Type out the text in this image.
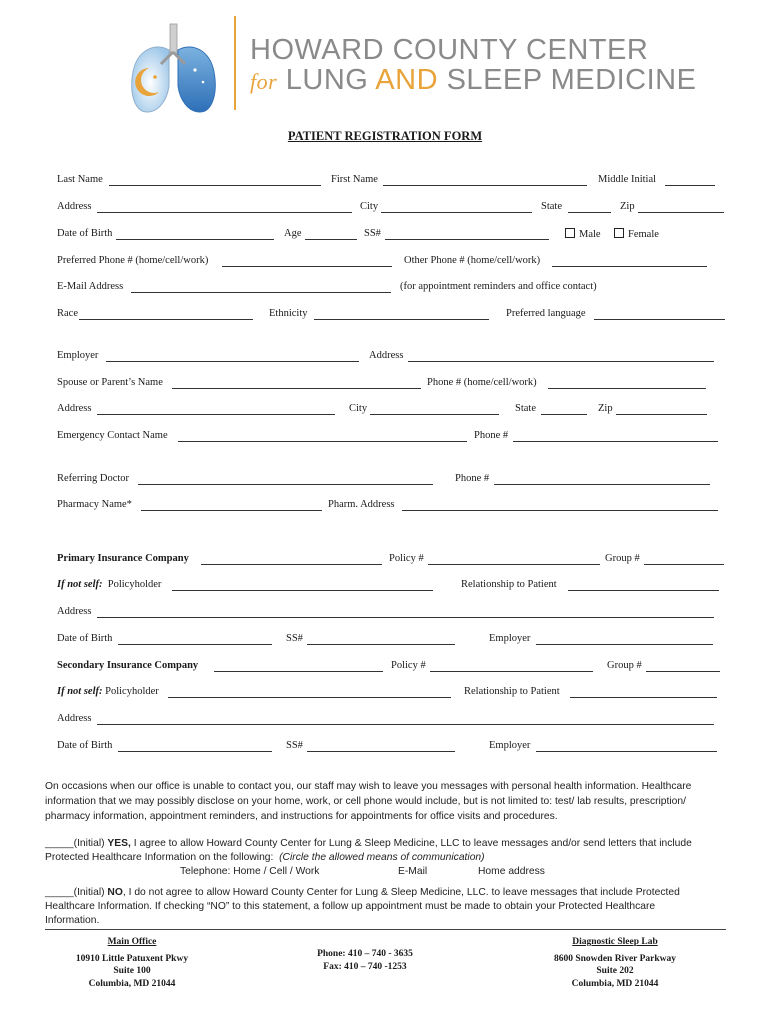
HOWARD COUNTY CENTER
for LUNG AND SLEEP MEDICINE
PATIENT REGISTRATION FORM
Last Name	First Name	Middle Initial
Address	City	State	Zip
Date of Birth	Age	SS#	Male	Female
Preferred Phone # (home/cell/work)	Other Phone # (home/cell/work)
E-Mail Address	(for appointment reminders and office contact)
Race	Ethnicity	Preferred language
Employer	Address
Spouse or Parent’s Name	Phone # (home/cell/work)
Address	City	State	Zip
Emergency Contact Name	Phone #
Referring Doctor	Phone #
Pharmacy Name*	Pharm. Address
Primary Insurance Company	Policy #	Group #
If not self: Policyholder	Relationship to Patient
Address
Date of Birth	SS#	Employer
Secondary Insurance Company	Policy #	Group #
If not self: Policyholder	Relationship to Patient
Address
Date of Birth	SS#	Employer
On occasions when our office is unable to contact you, our staff may wish to leave you messages with personal health information. Healthcare
information that we may possibly disclose on your home, work, or cell phone would include, but is not limited to: test/ lab results, prescription/
pharmacy information, appointment reminders, and instructions for appointments for office visits and procedures.
_____(Initial) YES, I agree to allow Howard County Center for Lung & Sleep Medicine, LLC to leave messages and/or send letters that include
Protected Healthcare Information on the following: (Circle the allowed means of communication)
Telephone: Home / Cell / Work	E-Mail	Home address
_____(Initial) NO, I do not agree to allow Howard County Center for Lung & Sleep Medicine, LLC. to leave messages that include Protected
Healthcare Information. If checking “NO” to this statement, a follow up appointment must be made to obtain your Protected Healthcare
Information.
Main Office
10910 Little Patuxent Pkwy
Suite 100
Columbia, MD 21044
Phone: 410 – 740 - 3635
Fax: 410 – 740 -1253
Diagnostic Sleep Lab
8600 Snowden River Parkway
Suite 202
Columbia, MD 21044
